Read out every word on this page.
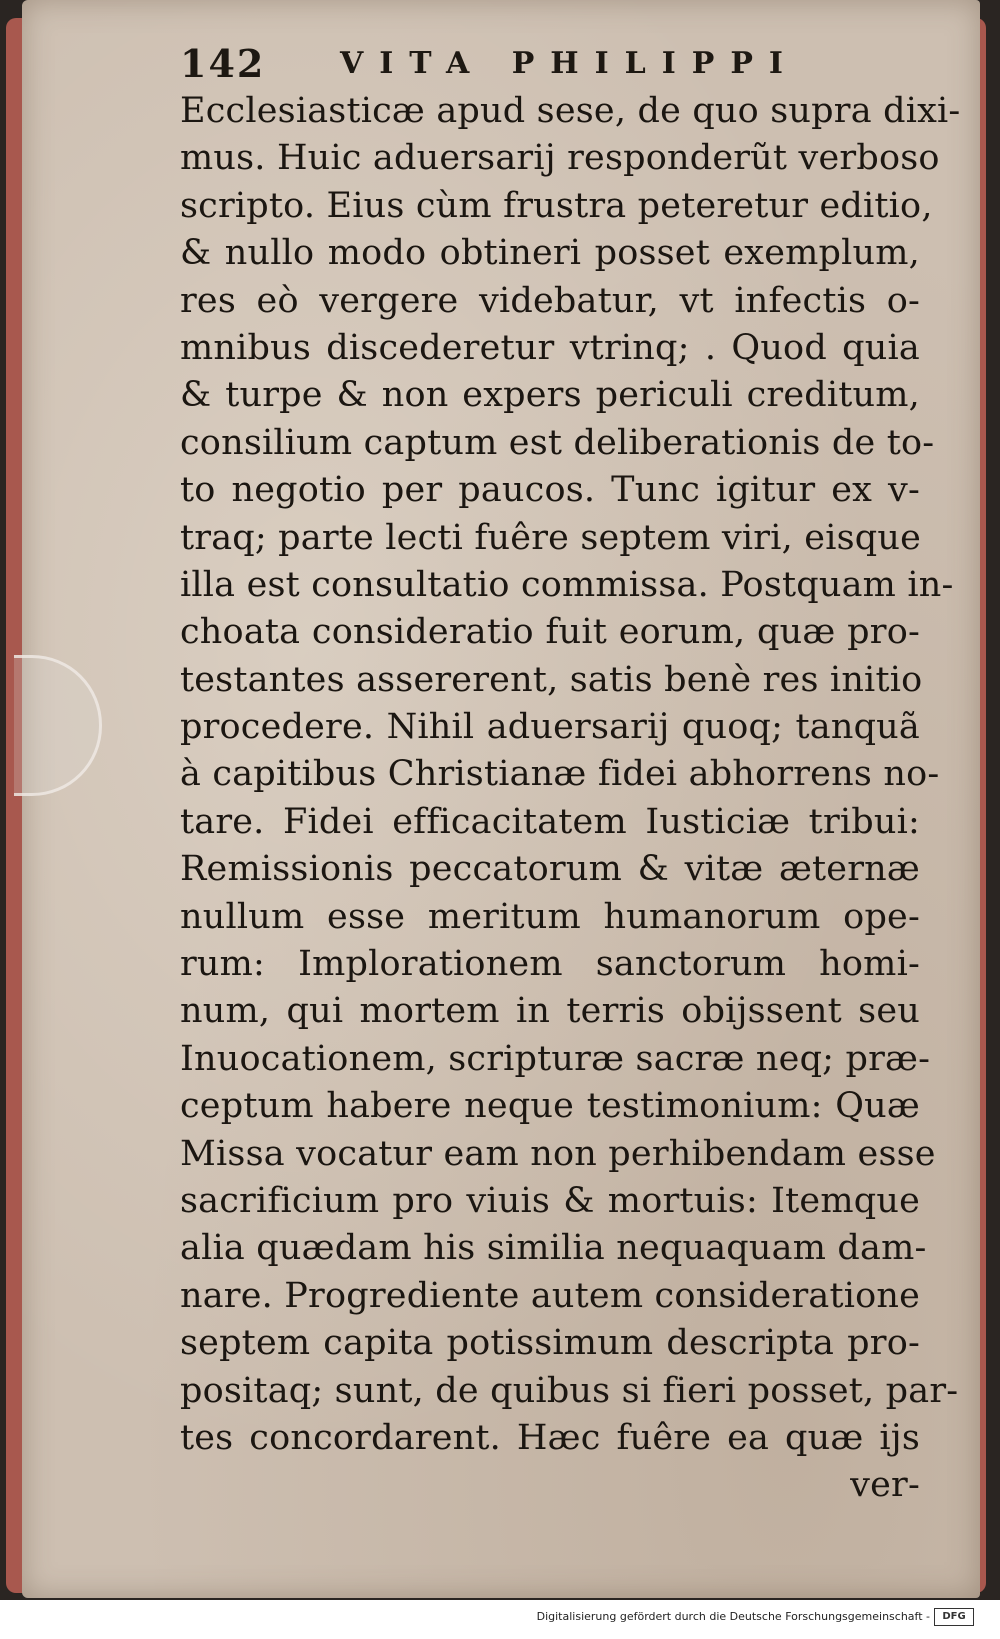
142	VITA PHILIPPI
Ecclesiasticæ apud sese, de quo supra dixi-
mus. Huic aduersarij responderũt verboso
scripto. Eius cùm frustra peteretur editio,
& nullo modo obtineri posset exemplum,
res eò vergere videbatur, vt infectis o-
mnibus discederetur vtrinq; . Quod quia
& turpe & non expers periculi creditum,
consilium captum est deliberationis de to-
to negotio per paucos. Tunc igitur ex v-
traq; parte lecti fuêre septem viri, eisque
illa est consultatio commissa. Postquam in-
choata consideratio fuit eorum, quæ pro-
testantes assererent, satis benè res initio
procedere. Nihil aduersarij quoq; tanquã
à capitibus Christianæ fidei abhorrens no-
tare. Fidei efficacitatem Iusticiæ tribui:
Remissionis peccatorum & vitæ æternæ
nullum esse meritum humanorum ope-
rum: Implorationem sanctorum homi-
num, qui mortem in terris obijssent seu
Inuocationem, scripturæ sacræ neq; præ-
ceptum habere neque testimonium: Quæ
Missa vocatur eam non perhibendam esse
sacrificium pro viuis & mortuis: Itemque
alia quædam his similia nequaquam dam-
nare. Progrediente autem consideratione
septem capita potissimum descripta pro-
positaq; sunt, de quibus si fieri posset, par-
tes concordarent. Hæc fuêre ea quæ ijs
ver-
Digitalisierung gefördert durch die Deutsche Forschungsgemeinschaft -	DFG
